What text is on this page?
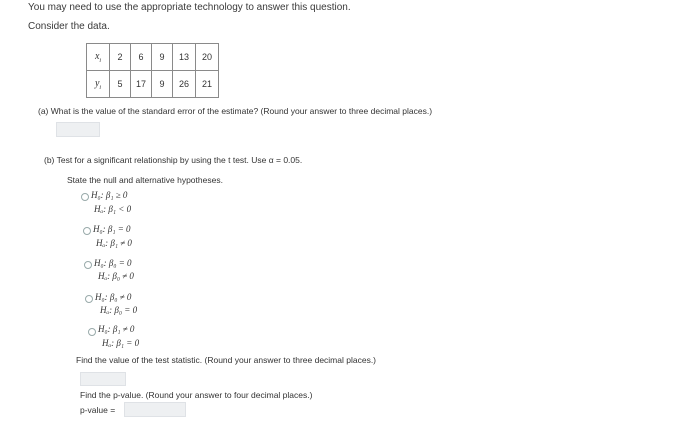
You may need to use the appropriate technology to answer this question.
Consider the data.
$x_i$	2	6	9	13	20
$y_i$	5	17	9	26	21
(a) What is the value of the standard error of the estimate? (Round your answer to three decimal places.)
(b) Test for a significant relationship by using the t test. Use α = 0.05.
State the null and alternative hypotheses.
H₀: β₁ ≥ 0
Hₐ: β₁ < 0
H₀: β₁ = 0
Hₐ: β₁ ≠ 0
H₀: β₀ = 0
Hₐ: β₀ ≠ 0
H₀: β₀ ≠ 0
Hₐ: β₀ = 0
H₀: β₁ ≠ 0
Hₐ: β₁ = 0
Find the value of the test statistic. (Round your answer to three decimal places.)
Find the p-value. (Round your answer to four decimal places.)
p-value =
